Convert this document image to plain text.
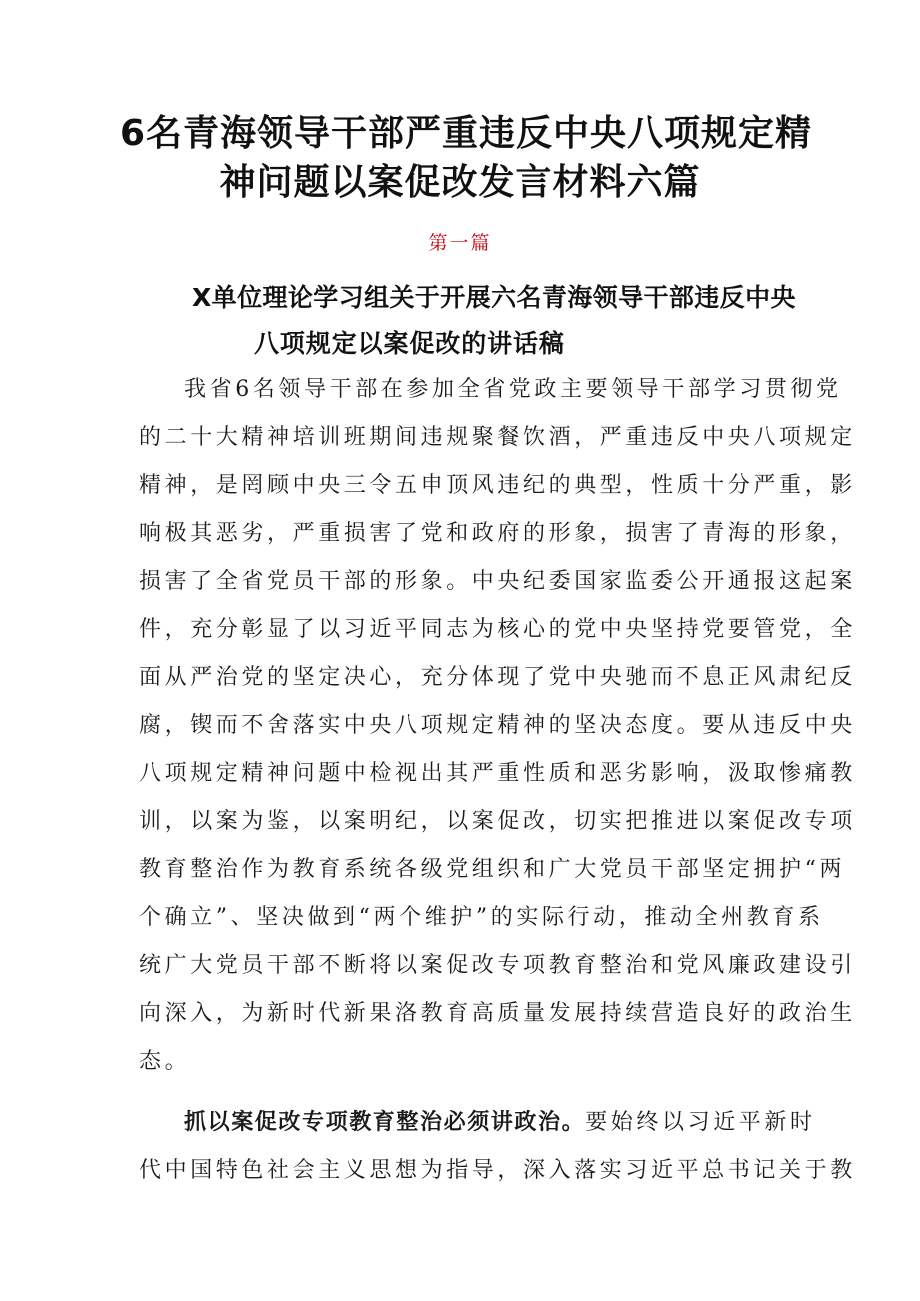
6名青海领导干部严重违反中央八项规定精
神问题以案促改发言材料六篇
第一篇
X单位理论学习组关于开展六名青海领导干部违反中央
八项规定以案促改的讲话稿

我省6名领导干部在参加全省党政主要领导干部学习贯彻党

的二十大精神培训班期间违规聚餐饮酒，严重违反中央八项规定

精神，是罔顾中央三令五申顶风违纪的典型，性质十分严重，影

响极其恶劣，严重损害了党和政府的形象，损害了青海的形象，

损害了全省党员干部的形象。中央纪委国家监委公开通报这起案

件，充分彰显了以习近平同志为核心的党中央坚持党要管党，全

面从严治党的坚定决心，充分体现了党中央驰而不息正风肃纪反

腐，锲而不舍落实中央八项规定精神的坚决态度。要从违反中央

八项规定精神问题中检视出其严重性质和恶劣影响，汲取惨痛教

训，以案为鉴，以案明纪，以案促改，切实把推进以案促改专项

教育整治作为教育系统各级党组织和广大党员干部坚定拥护“两

个确立”、坚决做到“两个维护”的实际行动，推动全州教育系

统广大党员干部不断将以案促改专项教育整治和党风廉政建设引

向深入，为新时代新果洛教育高质量发展持续营造良好的政治生

态。

抓以案促改专项教育整治必须讲政治。要始终以习近平新时

代中国特色社会主义思想为指导，深入落实习近平总书记关于教
